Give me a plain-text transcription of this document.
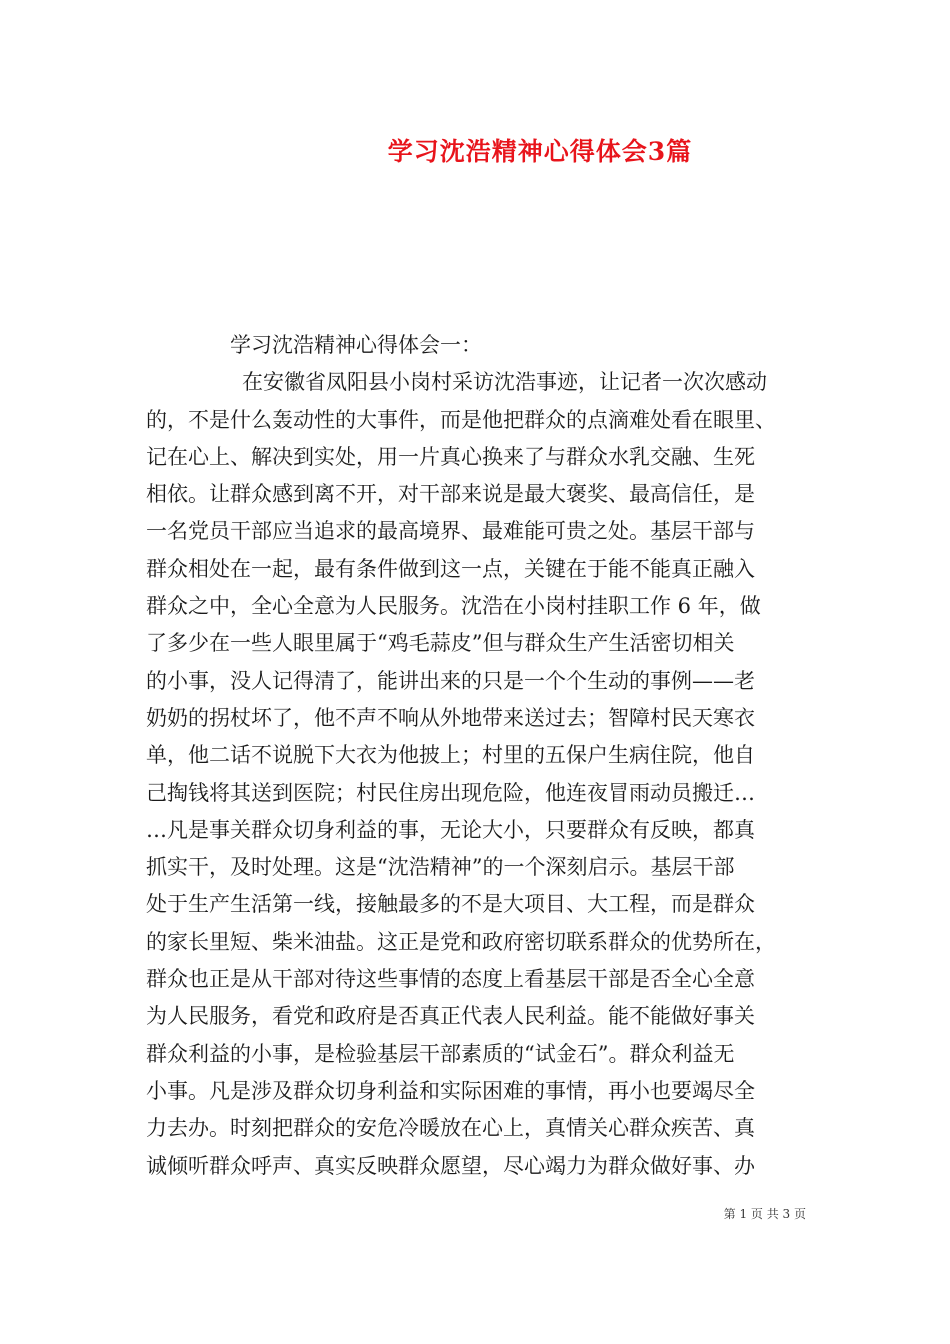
学习沈浩精神心得体会3篇
学习沈浩精神心得体会一：
在安徽省凤阳县小岗村采访沈浩事迹，让记者一次次感动
的，不是什么轰动性的大事件，而是他把群众的点滴难处看在眼里、
记在心上、解决到实处，用一片真心换来了与群众水乳交融、生死
相依。让群众感到离不开，对干部来说是最大褒奖、最高信任，是
一名党员干部应当追求的最高境界、最难能可贵之处。基层干部与
群众相处在一起，最有条件做到这一点，关键在于能不能真正融入
群众之中，全心全意为人民服务。沈浩在小岗村挂职工作 6 年，做
了多少在一些人眼里属于“鸡毛蒜皮”但与群众生产生活密切相关
的小事，没人记得清了，能讲出来的只是一个个生动的事例——老
奶奶的拐杖坏了，他不声不响从外地带来送过去；智障村民天寒衣
单，他二话不说脱下大衣为他披上；村里的五保户生病住院，他自
己掏钱将其送到医院；村民住房出现危险，他连夜冒雨动员搬迁…
…凡是事关群众切身利益的事，无论大小，只要群众有反映，都真
抓实干，及时处理。这是“沈浩精神”的一个深刻启示。基层干部
处于生产生活第一线，接触最多的不是大项目、大工程，而是群众
的家长里短、柴米油盐。这正是党和政府密切联系群众的优势所在，
群众也正是从干部对待这些事情的态度上看基层干部是否全心全意
为人民服务，看党和政府是否真正代表人民利益。能不能做好事关
群众利益的小事，是检验基层干部素质的“试金石”。群众利益无
小事。凡是涉及群众切身利益和实际困难的事情，再小也要竭尽全
力去办。时刻把群众的安危冷暖放在心上，真情关心群众疾苦、真
诚倾听群众呼声、真实反映群众愿望，尽心竭力为群众做好事、办

第 1 页 共 3 页
